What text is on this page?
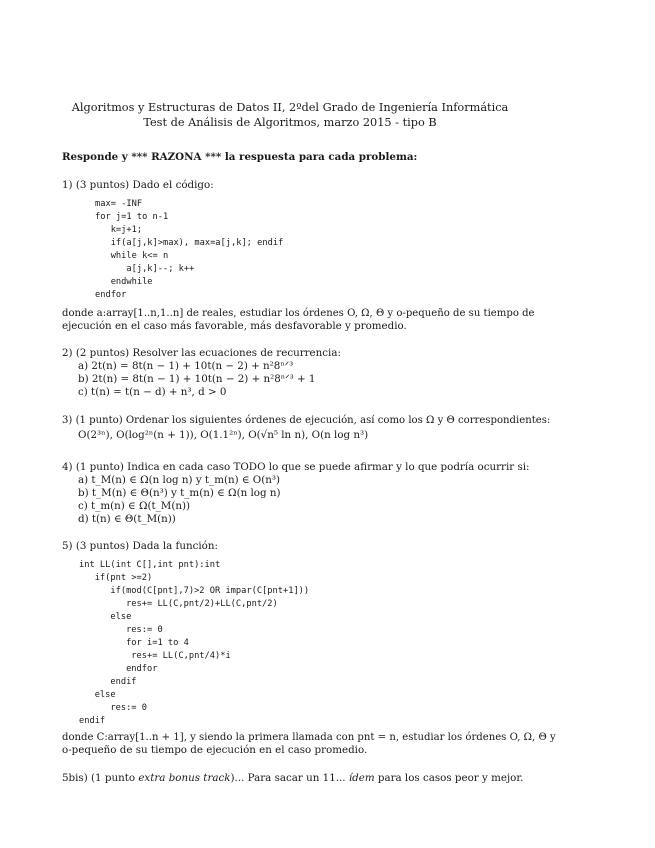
Algoritmos y Estructuras de Datos II, 2ºdel Grado de Ingeniería Informática
Test de Análisis de Algoritmos, marzo 2015 - tipo B
Responde y *** RAZONA *** la respuesta para cada problema:
1) (3 puntos) Dado el código:
max= -INF
for j=1 to n-1
k=j+1;
if(a[j,k]>max), max=a[j,k]; endif
while k<= n
a[j,k]--; k++
endwhile
endfor
donde a:array[1..n,1..n] de reales, estudiar los órdenes O, Ω, Θ y o-pequeño de su tiempo de
ejecución en el caso más favorable, más desfavorable y promedio.
2) (2 puntos) Resolver las ecuaciones de recurrencia:
a) 2t(n) = 8t(n − 1) + 10t(n − 2) + n²8ⁿᐟ³
b) 2t(n) = 8t(n − 1) + 10t(n − 2) + n²8ⁿᐟ³ + 1
c) t(n) = t(n − d) + n³, d > 0
3) (1 punto) Ordenar los siguientes órdenes de ejecución, así como los Ω y Θ correspondientes:
O(2³ⁿ), O(log²ⁿ(n + 1)), O(1.1²ⁿ), O(√n⁵ ln n), O(n log n³)
4) (1 punto) Indica en cada caso TODO lo que se puede afirmar y lo que podría ocurrir si:
a) t_M(n) ∈ Ω(n log n) y t_m(n) ∈ O(n³)
b) t_M(n) ∈ Θ(n³) y t_m(n) ∈ Ω(n log n)
c) t_m(n) ∈ Ω(t_M(n))
d) t(n) ∈ Θ(t_M(n))
5) (3 puntos) Dada la función:
int LL(int C[],int pnt):int
if(pnt >=2)
if(mod(C[pnt],7)>2 OR impar(C[pnt+1]))
res+= LL(C,pnt/2)+LL(C,pnt/2)
else
res:= 0
for i=1 to 4
res+= LL(C,pnt/4)*i
endfor
endif
else
res:= 0
endif
donde C:array[1..n + 1], y siendo la primera llamada con pnt = n, estudiar los órdenes O, Ω, Θ y
o-pequeño de su tiempo de ejecución en el caso promedio.
5bis) (1 punto extra bonus track)... Para sacar un 11... ídem para los casos peor y mejor.
